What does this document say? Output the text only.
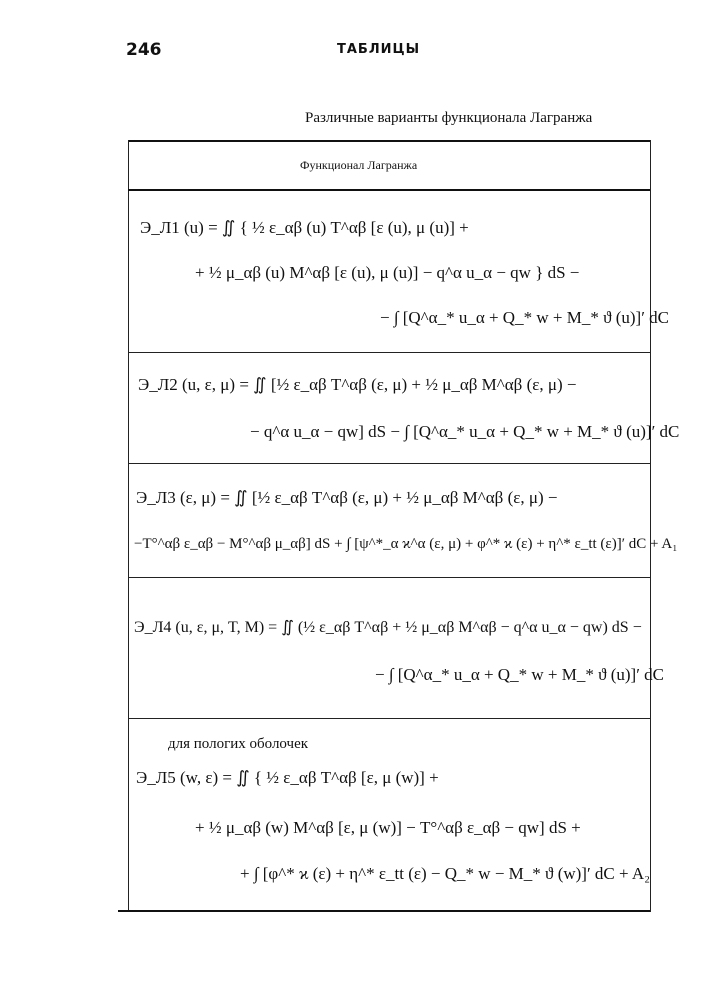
246	ТАБЛИЦЫ
Различные варианты функционала Лагранжа
Функционал Лагранжа
Э_Л1 (u) = ∬ { ½ ε_αβ (u) T^αβ [ε (u), μ (u)] +
+ ½ μ_αβ (u) M^αβ [ε (u), μ (u)] − q^α u_α − qw } dS −
− ∫ [Q^α_* u_α + Q_* w + M_* ϑ (u)]′ dC
Э_Л2 (u, ε, μ) = ∬ [½ ε_αβ T^αβ (ε, μ) + ½ μ_αβ M^αβ (ε, μ) −
− q^α u_α − qw] dS − ∫ [Q^α_* u_α + Q_* w + M_* ϑ (u)]′ dC
Э_Л3 (ε, μ) = ∬ [½ ε_αβ T^αβ (ε, μ) + ½ μ_αβ M^αβ (ε, μ) −
−T°^αβ ε_αβ − M°^αβ μ_αβ] dS + ∫ [ψ^*_α ϰ^α (ε, μ) + φ^* ϰ (ε) + η^* ε_tt (ε)]′ dC + A₁
Э_Л4 (u, ε, μ, T, M) = ∬ (½ ε_αβ T^αβ + ½ μ_αβ M^αβ − q^α u_α − qw) dS −
− ∫ [Q^α_* u_α + Q_* w + M_* ϑ (u)]′ dC
для пологих оболочек
Э_Л5 (w, ε) = ∬ { ½ ε_αβ T^αβ [ε, μ (w)] +
+ ½ μ_αβ (w) M^αβ [ε, μ (w)] − T°^αβ ε_αβ − qw] dS +
+ ∫ [φ^* ϰ (ε) + η^* ε_tt (ε) − Q_* w − M_* ϑ (w)]′ dC + A₂
